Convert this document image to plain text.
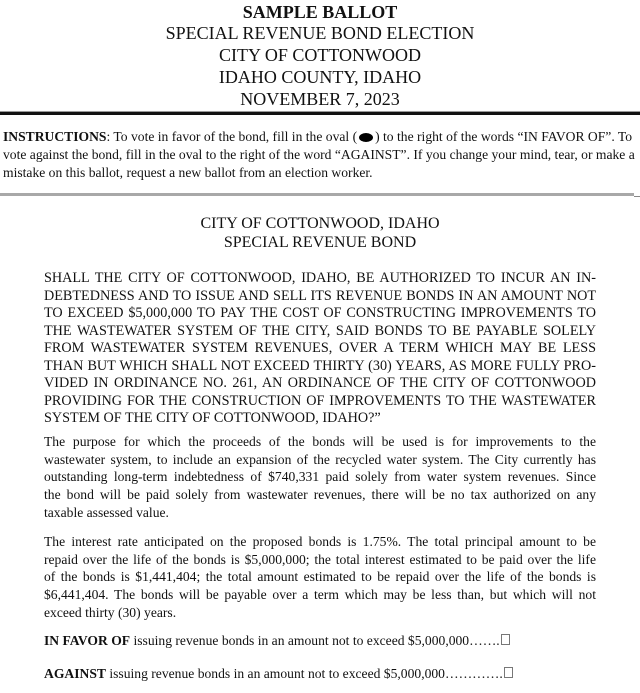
SAMPLE BALLOT
SPECIAL REVENUE BOND ELECTION
CITY OF COTTONWOOD
IDAHO COUNTY, IDAHO
NOVEMBER 7, 2023
INSTRUCTIONS: To vote in favor of the bond, fill in the oval ( ) to the right of the words “IN FAVOR OF”. To vote against the bond, fill in the oval to the right of the word “AGAINST”. If you change your mind, tear, or make a mistake on this ballot, request a new ballot from an election worker.
CITY OF COTTONWOOD, IDAHO
SPECIAL REVENUE BOND
SHALL THE CITY OF COTTONWOOD, IDAHO, BE AUTHORIZED TO INCUR AN IN-
DEBTEDNESS AND TO ISSUE AND SELL ITS REVENUE BONDS IN AN AMOUNT NOT
TO EXCEED $5,000,000 TO PAY THE COST OF CONSTRUCTING IMPROVEMENTS TO
THE WASTEWATER SYSTEM OF THE CITY, SAID BONDS TO BE PAYABLE SOLELY
FROM WASTEWATER SYSTEM REVENUES, OVER A TERM WHICH MAY BE LESS
THAN BUT WHICH SHALL NOT EXCEED THIRTY (30) YEARS, AS MORE FULLY PRO-
VIDED IN ORDINANCE NO. 261, AN ORDINANCE OF THE CITY OF COTTONWOOD
PROVIDING FOR THE CONSTRUCTION OF IMPROVEMENTS TO THE WASTEWATER
SYSTEM OF THE CITY OF COTTONWOOD, IDAHO?”
The purpose for which the proceeds of the bonds will be used is for improvements to the
wastewater system, to include an expansion of the recycled water system. The City currently has
outstanding long-term indebtedness of $740,331 paid solely from water system revenues. Since
the bond will be paid solely from wastewater revenues, there will be no tax authorized on any
taxable assessed value.
The interest rate anticipated on the proposed bonds is 1.75%. The total principal amount to be
repaid over the life of the bonds is $5,000,000; the total interest estimated to be paid over the life
of the bonds is $1,441,404; the total amount estimated to be repaid over the life of the bonds is
$6,441,404. The bonds will be payable over a term which may be less than, but which will not
exceed thirty (30) years.
IN FAVOR OF issuing revenue bonds in an amount not to exceed $5,000,000…….
AGAINST issuing revenue bonds in an amount not to exceed $5,000,000………….
